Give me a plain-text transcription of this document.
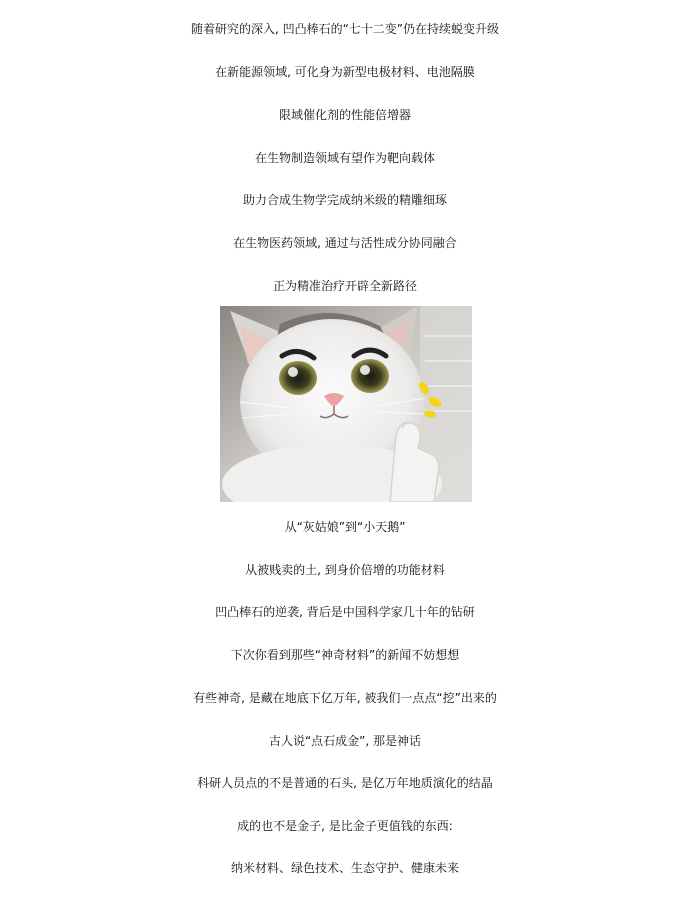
随着研究的深入, 凹凸棒石的“七十二变”仍在持续蜕变升级
在新能源领域, 可化身为新型电极材料、电池隔膜
限域催化剂的性能倍增器
在生物制造领域有望作为靶向载体
助力合成生物学完成纳米级的精雕细琢
在生物医药领域, 通过与活性成分协同融合
正为精准治疗开辟全新路径
从“灰姑娘”到“小天鹅”
从被贱卖的土, 到身价倍增的功能材料
凹凸棒石的逆袭, 背后是中国科学家几十年的钻研
下次你看到那些“神奇材料”的新闻不妨想想
有些神奇, 是藏在地底下亿万年, 被我们一点点“挖”出来的
古人说“点石成金”, 那是神话
科研人员点的不是普通的石头, 是亿万年地质演化的结晶
成的也不是金子, 是比金子更值钱的东西:
纳米材料、绿色技术、生态守护、健康未来
